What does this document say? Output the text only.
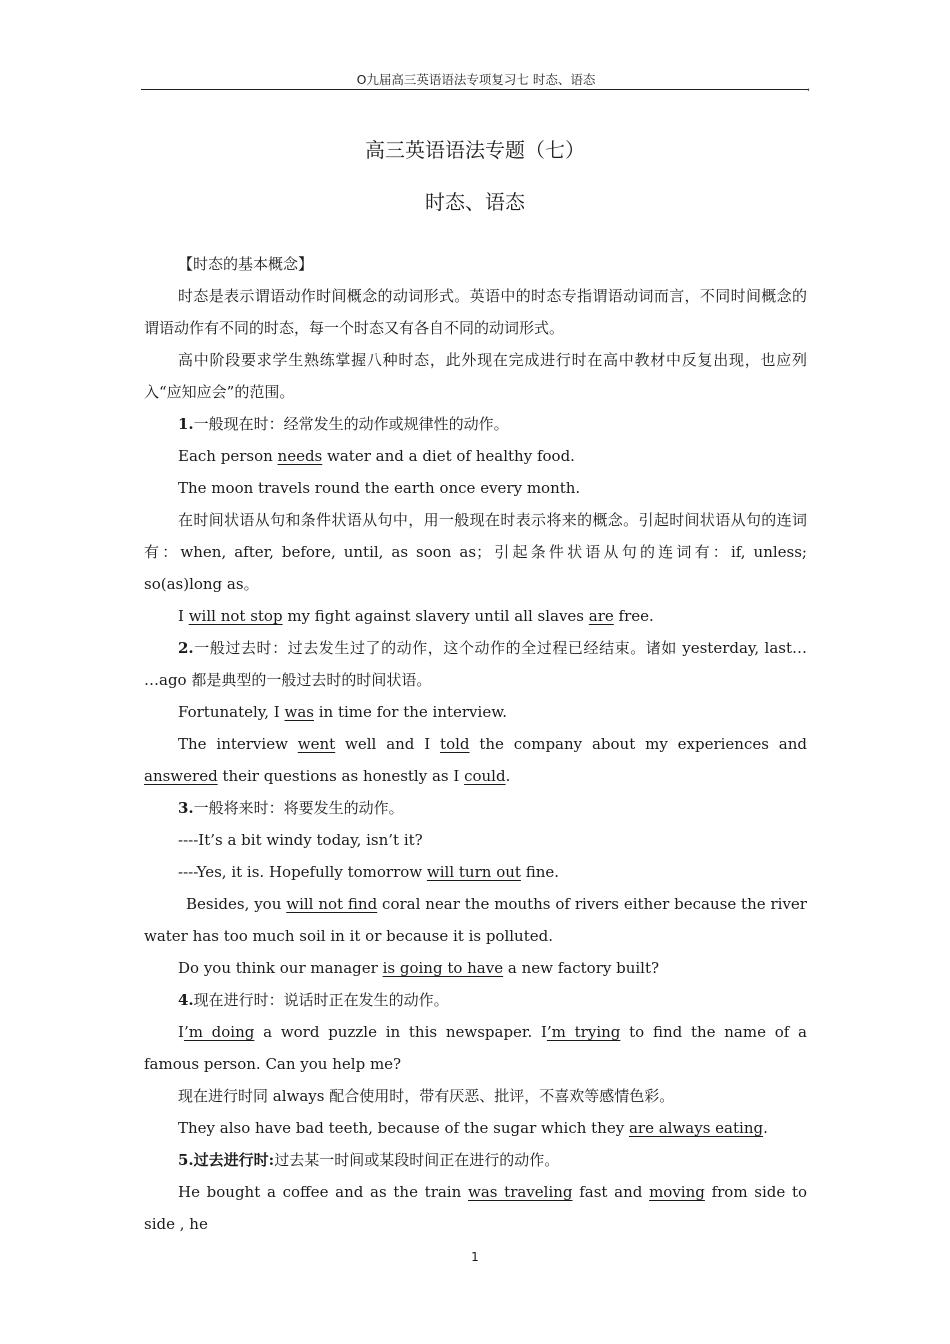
O九届高三英语语法专项复习七 时态、语态
,
高三英语语法专题（七）
时态、语态

【时态的基本概念】

时态是表示谓语动作时间概念的动词形式。英语中的时态专指谓语动词而言，不同时间概念的谓语动作有不同的时态，每一个时态又有各自不同的动词形式。

高中阶段要求学生熟练掌握八种时态，此外现在完成进行时在高中教材中反复出现，也应列入“应知应会”的范围。

1.一般现在时：经常发生的动作或规律性的动作。

Each person needs water and a diet of healthy food.

The moon travels round the earth once every month.

在时间状语从句和条件状语从句中，用一般现在时表示将来的概念。引起时间状语从句的连词有：when, after, before, until, as soon as；引起条件状语从句的连词有：if, unless; so(as)long as。

I will not stop my fight against slavery until all slaves are free.

2.一般过去时：过去发生过了的动作，这个动作的全过程已经结束。诸如 yesterday, last… …ago 都是典型的一般过去时的时间状语。

Fortunately, I was in time for the interview.

The interview went well and I told the company about my experiences and answered their questions as honestly as I could.

3.一般将来时：将要发生的动作。

----It’s a bit windy today, isn’t it?

----Yes, it is. Hopefully tomorrow will turn out fine.

Besides, you will not find coral near the mouths of rivers either because the river water has too much soil in it or because it is polluted.

Do you think our manager is going to have a new factory built?

4.现在进行时：说话时正在发生的动作。

I’m doing a word puzzle in this newspaper. I’m trying to find the name of a famous person. Can you help me?

现在进行时同 always 配合使用时，带有厌恶、批评，不喜欢等感情色彩。

They also have bad teeth, because of the sugar which they are always eating.

5.过去进行时:过去某一时间或某段时间正在进行的动作。

He bought a coffee and as the train was traveling fast and moving from side to side , he

1
